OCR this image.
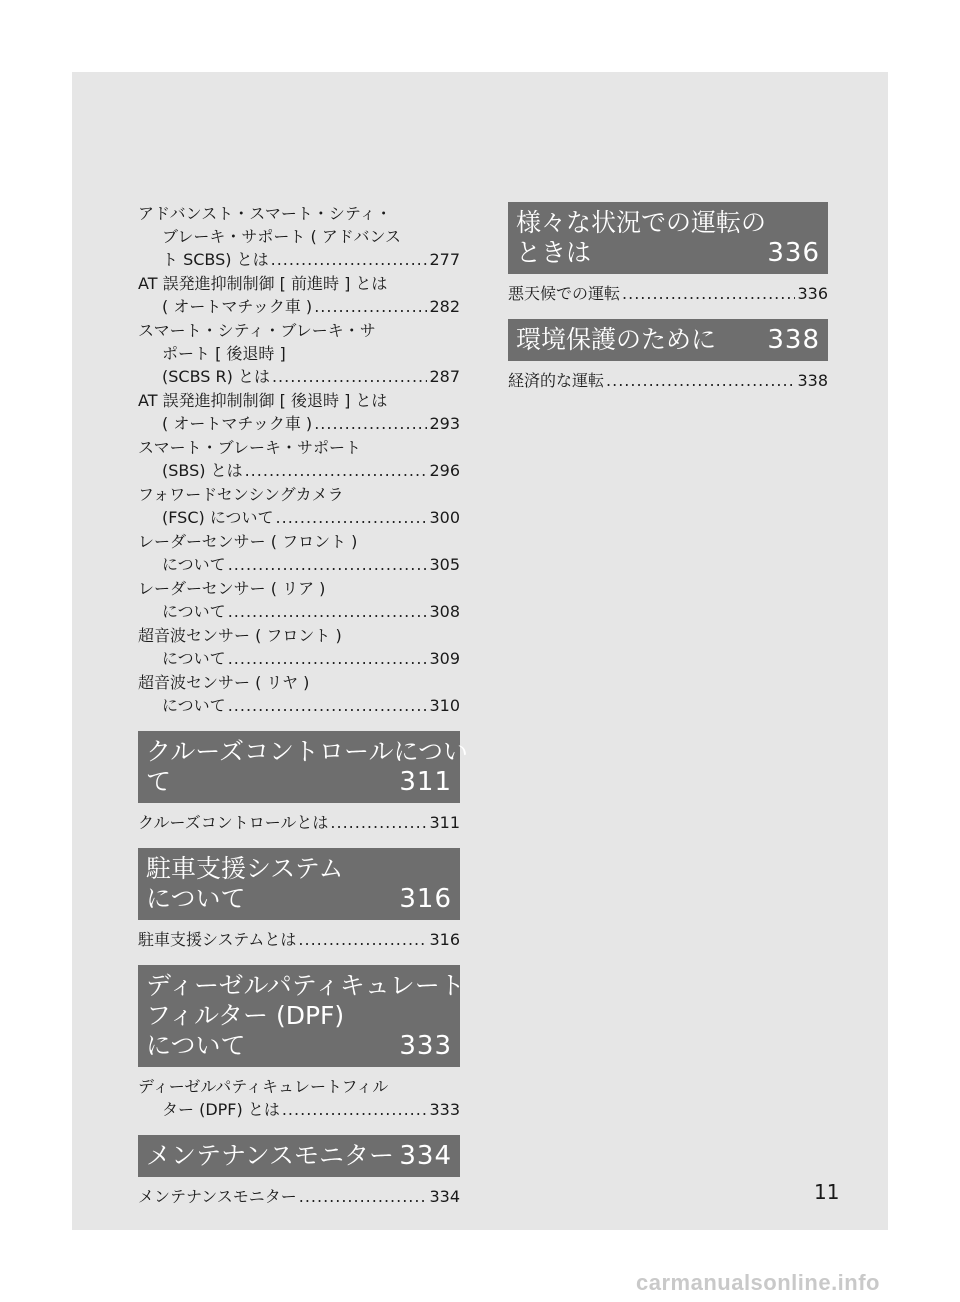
アドバンスト・スマート・シティ・
ブレーキ・サポート ( アドバンス
ト SCBS) とは .....	277
AT 誤発進抑制制御 [ 前進時 ] とは
( オートマチック車 ) .....	282
スマート・シティ・ブレーキ・サ
ポート [ 後退時 ]
(SCBS R) とは .....	287
AT 誤発進抑制制御 [ 後退時 ] とは
( オートマチック車 ) .....	293
スマート・ブレーキ・サポート
(SBS) とは .....	296
フォワードセンシングカメラ
(FSC) について .....	300
レーダーセンサー ( フロント )
について .....	305
レーダーセンサー ( リア )
について .....	308
超音波センサー ( フロント )
について .....	309
超音波センサー ( リヤ )
について .....	310
クルーズコントロールについ
て	311
クルーズコントロールとは .....	311
駐車支援システム
について	316
駐車支援システムとは .....	316
ディーゼルパティキュレート
フィルター (DPF)
について	333
ディーゼルパティキュレートフィル
ター (DPF) とは .....	333
メンテナンスモニター 334
メンテナンスモニター .....	334
様々な状況での運転の
ときは	336
悪天候での運転 .....	336
環境保護のために 338
経済的な運転 .....	338
11
carmanualsonline.info
